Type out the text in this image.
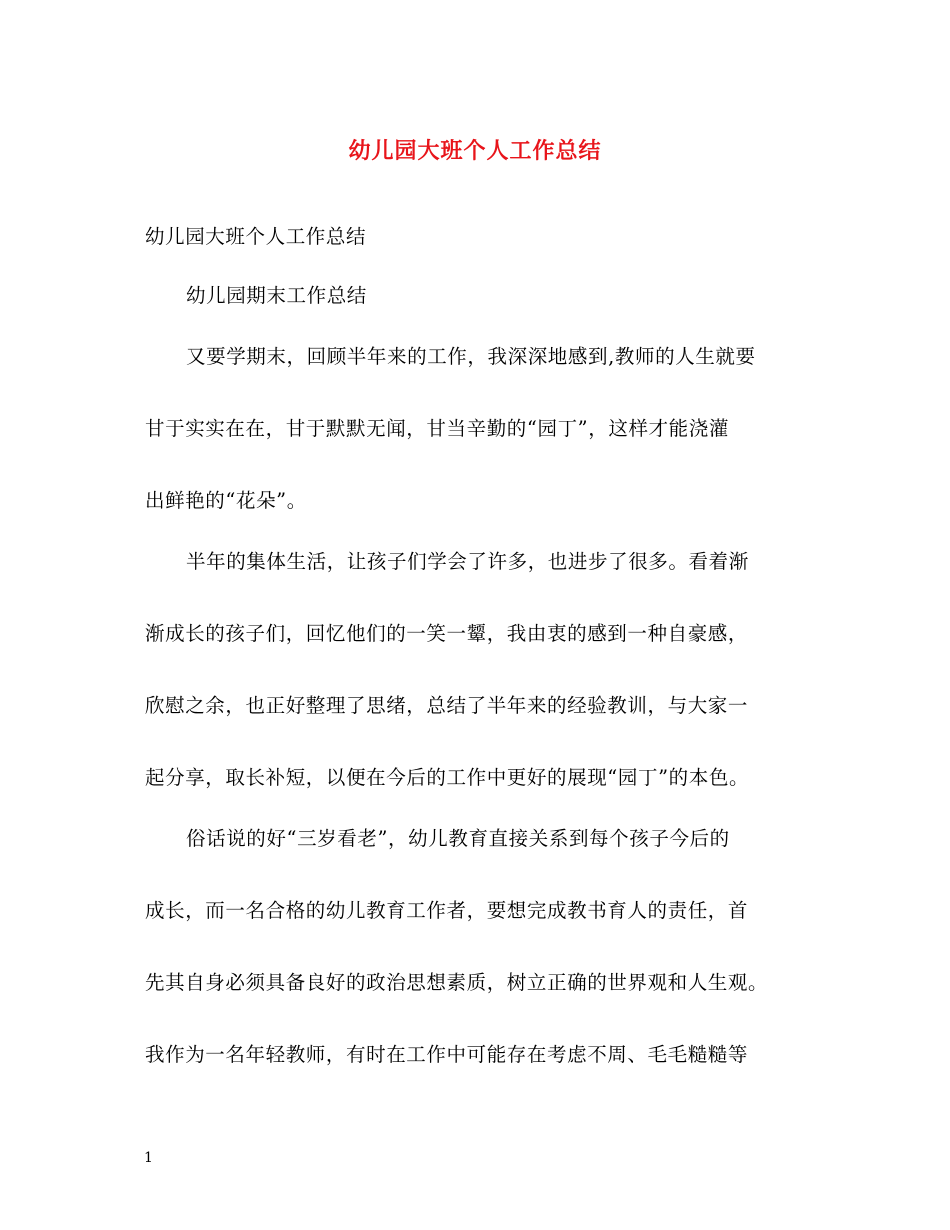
幼儿园大班个人工作总结
幼儿园大班个人工作总结
幼儿园期末工作总结
又要学期末，回顾半年来的工作，我深深地感到,教师的人生就要
甘于实实在在，甘于默默无闻，甘当辛勤的“园丁”，这样才能浇灌
出鲜艳的“花朵”。
半年的集体生活，让孩子们学会了许多，也进步了很多。看着渐
渐成长的孩子们，回忆他们的一笑一颦，我由衷的感到一种自豪感，
欣慰之余，也正好整理了思绪，总结了半年来的经验教训，与大家一
起分享，取长补短，以便在今后的工作中更好的展现“园丁”的本色。
俗话说的好“三岁看老”，幼儿教育直接关系到每个孩子今后的
成长，而一名合格的幼儿教育工作者，要想完成教书育人的责任，首
先其自身必须具备良好的政治思想素质，树立正确的世界观和人生观。
我作为一名年轻教师，有时在工作中可能存在考虑不周、毛毛糙糙等
1
